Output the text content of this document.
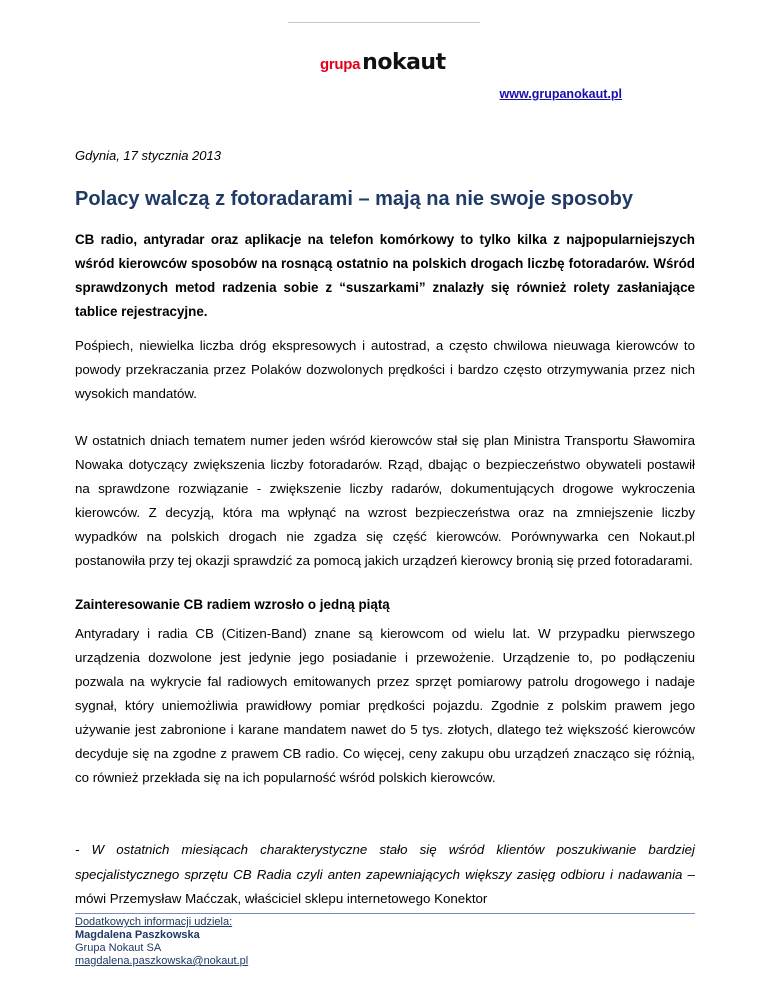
grupanokaut
www.grupanokaut.pl
Gdynia, 17 stycznia 2013
Polacy walczą z fotoradarami – mają na nie swoje sposoby
CB radio, antyradar oraz aplikacje na telefon komórkowy to tylko kilka z najpopularniejszych wśród kierowców sposobów na rosnącą ostatnio na polskich drogach liczbę fotoradarów. Wśród sprawdzonych metod radzenia sobie z “suszarkami” znalazły się również rolety zasłaniające tablice rejestracyjne.
Pośpiech, niewielka liczba dróg ekspresowych i autostrad, a często chwilowa nieuwaga kierowców to powody przekraczania przez Polaków dozwolonych prędkości i bardzo często otrzymywania przez nich wysokich mandatów.
W ostatnich dniach tematem numer jeden wśród kierowców stał się plan Ministra Transportu Sławomira Nowaka dotyczący zwiększenia liczby fotoradarów. Rząd, dbając o bezpieczeństwo obywateli postawił na sprawdzone rozwiązanie - zwiększenie liczby radarów, dokumentujących drogowe wykroczenia kierowców. Z decyzją, która ma wpłynąć na wzrost bezpieczeństwa oraz na zmniejszenie liczby wypadków na polskich drogach nie zgadza się część kierowców. Porównywarka cen Nokaut.pl postanowiła przy tej okazji sprawdzić za pomocą jakich urządzeń kierowcy bronią się przed fotoradarami.
Zainteresowanie CB radiem wzrosło o jedną piątą
Antyradary i radia CB (Citizen-Band) znane są kierowcom od wielu lat. W przypadku pierwszego urządzenia dozwolone jest jedynie jego posiadanie i przewożenie. Urządzenie to, po podłączeniu pozwala na wykrycie fal radiowych emitowanych przez sprzęt pomiarowy patrolu drogowego i nadaje sygnał, który uniemożliwia prawidłowy pomiar prędkości pojazdu. Zgodnie z polskim prawem jego używanie jest zabronione i karane mandatem nawet do 5 tys. złotych, dlatego też większość kierowców decyduje się na zgodne z prawem CB radio. Co więcej, ceny zakupu obu urządzeń znacząco się różnią, co również przekłada się na ich popularność wśród polskich kierowców.
- W ostatnich miesiącach charakterystyczne stało się wśród klientów poszukiwanie bardziej specjalistycznego sprzętu CB Radia czyli anten zapewniających większy zasięg odbioru i nadawania – mówi Przemysław Maćczak, właściciel sklepu internetowego Konektor
Dodatkowych informacji udziela:
Magdalena Paszkowska
Grupa Nokaut SA
magdalena.paszkowska@nokaut.pl
